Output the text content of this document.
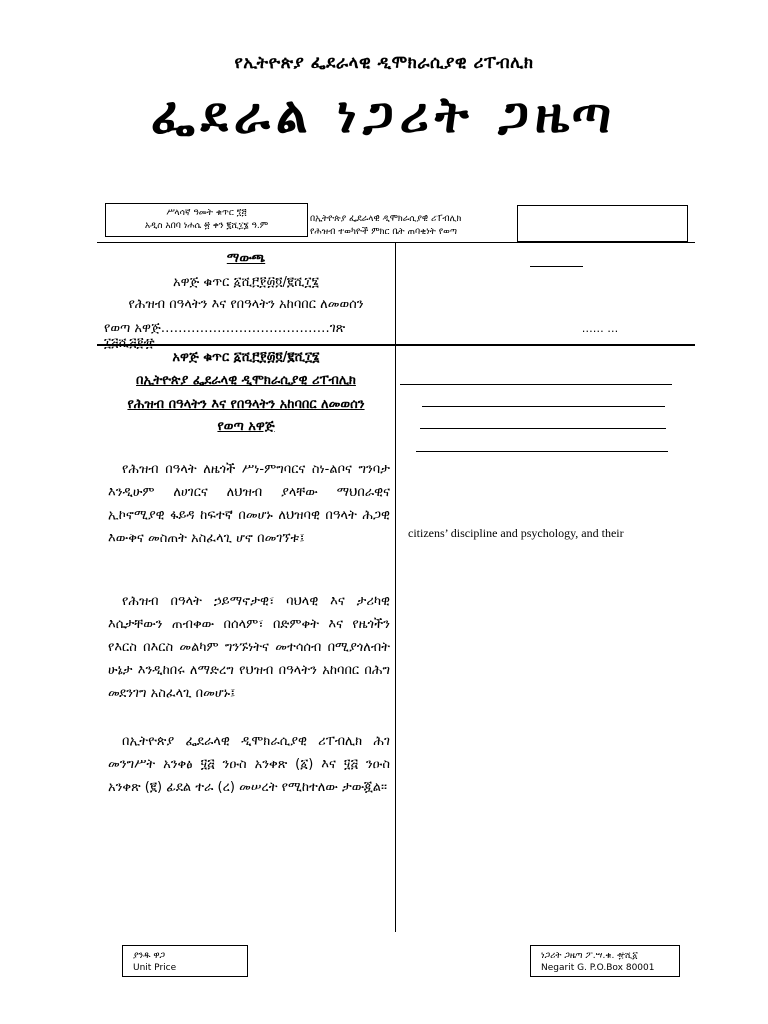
የኢትዮጵያ ፌደራላዊ ዲሞክራሲያዊ ሪፐብሊክ
ፌደራል ነጋሪት ጋዜጣ
ሥላሳኛ ዓመት ቁጥር ፺፭
አዲስ አበባ ነሐሴ ፳ ቀን ፪ሺ፲፮ ዓ.ም
በኢትዮጵያ ፌደራላዊ ዲሞክራሲያዊ ሪፐብሊክ
የሕዝብ ተወካዮች ምክር ቤት ጠባቂነት የወጣ
ማውጫ
አዋጅ ቁጥር ፩ሺ፫፻፴፬/፪ሺ፲፮
የሕዝብ በዓላትን እና የበዓላትን አከባበር ለመወሰን
የወጣ አዋጅ…………………………………ገጽ ፲፭ሺ፭፻፹
…… …
አዋጅ ቁጥር ፩ሺ፫፻፴፬/፪ሺ፲፮
በኢትዮጵያ ፌደራላዊ ዲሞክራሲያዊ ሪፐብሊክ
የሕዝብ በዓላትን እና የበዓላትን አከባበር ለመወሰን
የወጣ አዋጅ
የሕዝብ በዓላት ለዜጎች ሥነ-ምግባርና ስነ-ልቦና ግንባታ እንዲሁም ለሀገርና ለህዝብ ያላቸው ማህበራዊና ኢኮኖሚያዊ ፋይዳ ከፍተኛ በመሆኑ ለህዝባዊ በዓላት ሕጋዊ እውቅና መስጠት አስፈላጊ ሆኖ በመገኘቱ፤
የሕዝብ በዓላት ኃይማኖታዊ፣ ባህላዊ እና ታሪካዊ እሴታቸውን ጠብቀው በሰላም፣ በድምቀት እና የዜጎችን የእርስ በእርስ መልካም ግንኙነትና መተሳሰብ በሚያጎለብት ሁኔታ እንዲከበሩ ለማድረግ የህዝብ በዓላትን አከባበር በሕግ መደንገግ አስፈላጊ በመሆኑ፤
በኢትዮጵያ ፌደራላዊ ዲሞክራሲያዊ ሪፐብሊክ ሕገ መንግሥት አንቀፅ ፶፭ ንዑስ አንቀጽ (፩) እና ፶፭ ንዑስ አንቀጽ (፪) ፊደል ተራ (ረ) መሠረት የሚከተለው ታውጇል፡፡
citizens’ discipline and psychology, and their
ያንዱ ዋጋ
Unit Price
ነጋሪት ጋዜጣ ፖ.ሣ.ቁ. ፹ሺ፩
Negarit G. P.O.Box 80001
